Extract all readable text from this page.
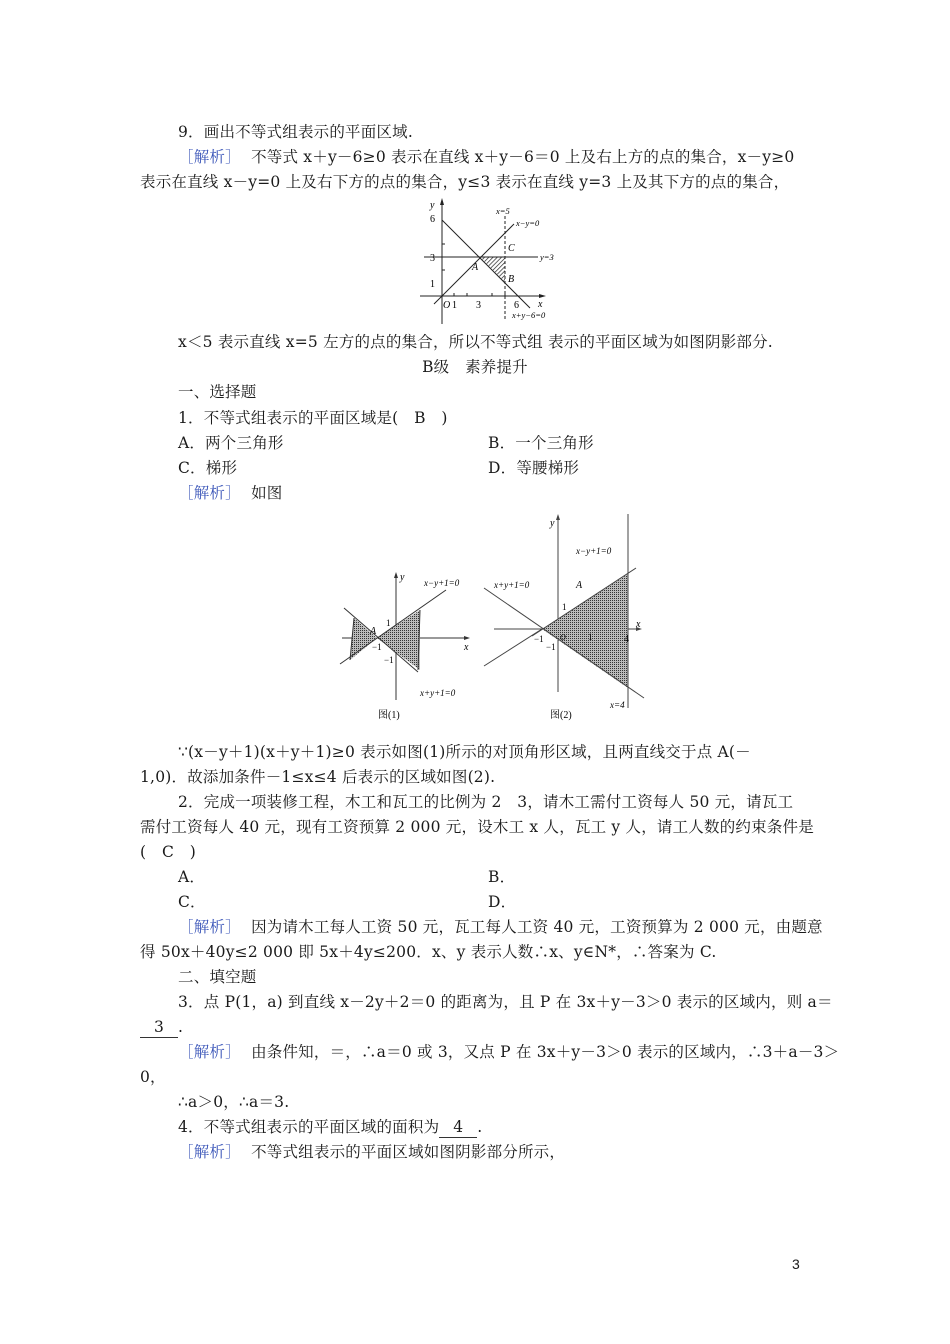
9．画出不等式组表示的平面区域.
［解析］ 不等式 x＋y－6≥0 表示在直线 x＋y－6＝0 上及右上方的点的集合，x－y≥0
表示在直线 x－y=0 上及右下方的点的集合，y≤3 表示在直线 y=3 上及其下方的点的集合，
y
x
6
3
1
O 1 3	6
x=5
x−y=0
C
y=3
A
B
x+y−6=0
x＜5 表示直线 x=5 左方的点的集合，所以不等式组 表示的平面区域为如图阴影部分.
B级　素养提升
一、选择题
1．不等式组表示的平面区域是(　B　)
A．两个三角形	B．一个三角形
C．梯形	D．等腰梯形
［解析］ 如图
y
x
x−y+1=0
A
1
−1
−1
x+y+1=0
图(1)
y
x
x−y+1=0
x+y+1=0	A
1
−1
−1
O 1	4
x=4
图(2)
∵(x－y＋1)(x＋y＋1)≥0 表示如图(1)所示的对顶角形区域，且两直线交于点 A(－
1,0)．故添加条件－1≤x≤4 后表示的区域如图(2).
2．完成一项装修工程，木工和瓦工的比例为 2　3，请木工需付工资每人 50 元，请瓦工
需付工资每人 40 元，现有工资预算 2 000 元，设木工 x 人，瓦工 y 人，请工人数的约束条件是
(　C　)
A．	B．
C．	D．
［解析］ 因为请木工每人工资 50 元，瓦工每人工资 40 元，工资预算为 2 000 元，由题意
得 50x＋40y≤2 000 即 5x＋4y≤200．x、y 表示人数∴x、y∈N*，∴答案为 C.
二、填空题
3．点 P(1，a) 到直线 x－2y＋2＝0 的距离为，且 P 在 3x＋y－3＞0 表示的区域内，则 a＝
3 .
［解析］ 由条件知，＝，∴a＝0 或 3，又点 P 在 3x＋y－3＞0 表示的区域内，∴3＋a－3＞
0，
∴a＞0，∴a＝3.
4．不等式组表示的平面区域的面积为 4 .
［解析］ 不等式组表示的平面区域如图阴影部分所示，
3
